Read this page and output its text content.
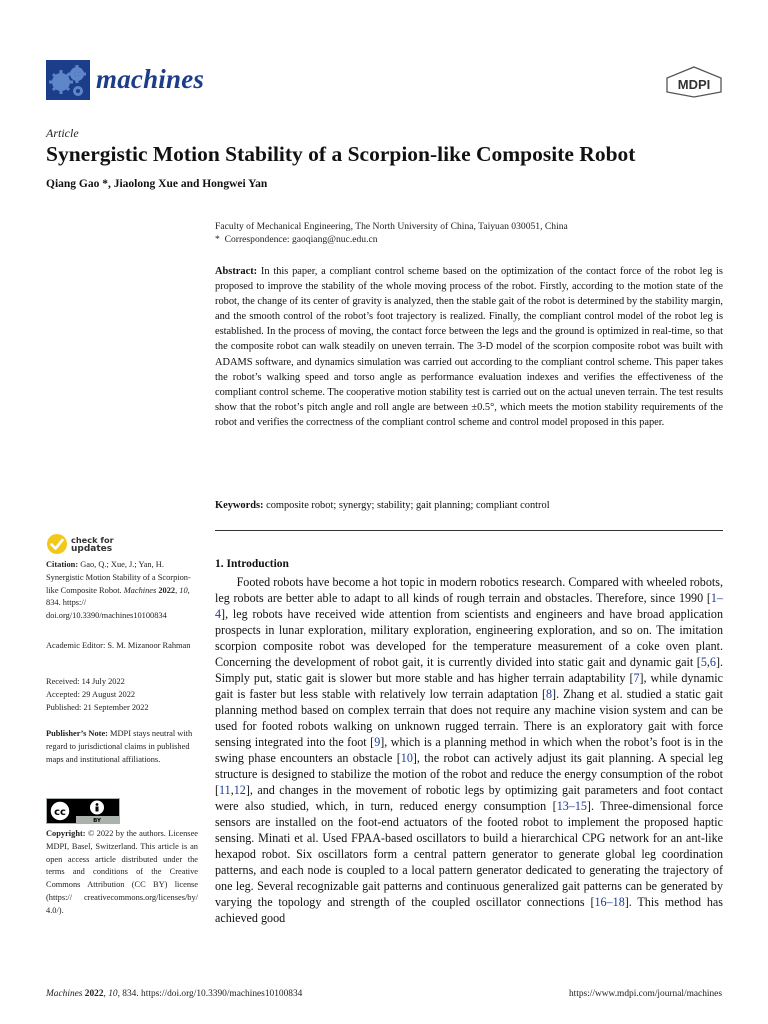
machines	MDPI
Article
Synergistic Motion Stability of a Scorpion-like Composite Robot
Qiang Gao *, Jiaolong Xue and Hongwei Yan
Faculty of Mechanical Engineering, The North University of China, Taiyuan 030051, China
* Correspondence: gaoqiang@nuc.edu.cn
Abstract: In this paper, a compliant control scheme based on the optimization of the contact force of the robot leg is proposed to improve the stability of the whole moving process of the robot. Firstly, according to the motion state of the robot, the change of its center of gravity is analyzed, then the stable gait of the robot is determined by the stability margin, and the smooth control of the robot’s foot trajectory is realized. Finally, the compliant control model of the robot leg is established. In the process of moving, the contact force between the legs and the ground is optimized in real-time, so that the composite robot can walk steadily on uneven terrain. The 3-D model of the scorpion composite robot was built with ADAMS software, and dynamics simulation was carried out according to the compliant control scheme. This paper takes the robot’s walking speed and torso angle as performance evaluation indexes and verifies the effectiveness of the compliant control scheme. The cooperative motion stability test is carried out on the actual uneven terrain. The test results show that the robot’s pitch angle and roll angle are between ±0.5°, which meets the motion stability requirements of the robot and verifies the correctness of the compliant control scheme and control model proposed in this paper.
Keywords: composite robot; synergy; stability; gait planning; compliant control
check for
updates
Citation: Gao, Q.; Xue, J.; Yan, H. Synergistic Motion Stability of a Scorpion-like Composite Robot. Machines 2022, 10, 834. https:// doi.org/10.3390/machines10100834
Academic Editor: S. M. Mizanoor Rahman
Received: 14 July 2022
Accepted: 29 August 2022
Published: 21 September 2022
Publisher’s Note: MDPI stays neutral with regard to jurisdictional claims in published maps and institutional affiliations.
cc
BY
Copyright: © 2022 by the authors. Licensee MDPI, Basel, Switzerland. This article is an open access article distributed under the terms and conditions of the Creative Commons Attribution (CC BY) license (https:// creativecommons.org/licenses/by/ 4.0/).
1. Introduction
Footed robots have become a hot topic in modern robotics research. Compared with wheeled robots, leg robots are better able to adapt to all kinds of rough terrain and obstacles. Therefore, since 1990 [1–4], leg robots have received wide attention from scientists and engineers and have broad application prospects in lunar exploration, military exploration, engineering exploration, and so on. The imitation scorpion composite robot was developed for the temperature measurement of a coke oven plant. Concerning the development of robot gait, it is currently divided into static gait and dynamic gait [5,6]. Simply put, static gait is slower but more stable and has higher terrain adaptability [7], while dynamic gait is faster but less stable with relatively low terrain adaptation [8]. Zhang et al. studied a static gait planning method based on complex terrain that does not require any machine vision system and can be used for footed robots walking on unknown rugged terrain. There is an exploratory gait with force sensing integrated into the foot [9], which is a planning method in which when the robot’s foot is in the swing phase encounters an obstacle [10], the robot can actively adjust its gait planning. A special leg structure is designed to stabilize the motion of the robot and reduce the energy consumption of the robot [11,12], and changes in the movement of robotic legs by optimizing gait parameters and foot contact were also studied, which, in turn, reduced energy consumption [13–15]. Three-dimensional force sensors are installed on the foot-end actuators of the footed robot to implement the proposed haptic sensing. Minati et al. Used FPAA-based oscillators to build a hierarchical CPG network for an ant-like hexapod robot. Six oscillators form a central pattern generator to generate global leg coordination patterns, and each node is coupled to a local pattern generator dedicated to generating the trajectory of one leg. Several recognizable gait patterns and continuous generalized gait patterns can be generated by varying the topology and strength of the coupled oscillator connections [16–18]. This method has achieved good
Machines 2022, 10, 834. https://doi.org/10.3390/machines10100834	https://www.mdpi.com/journal/machines
